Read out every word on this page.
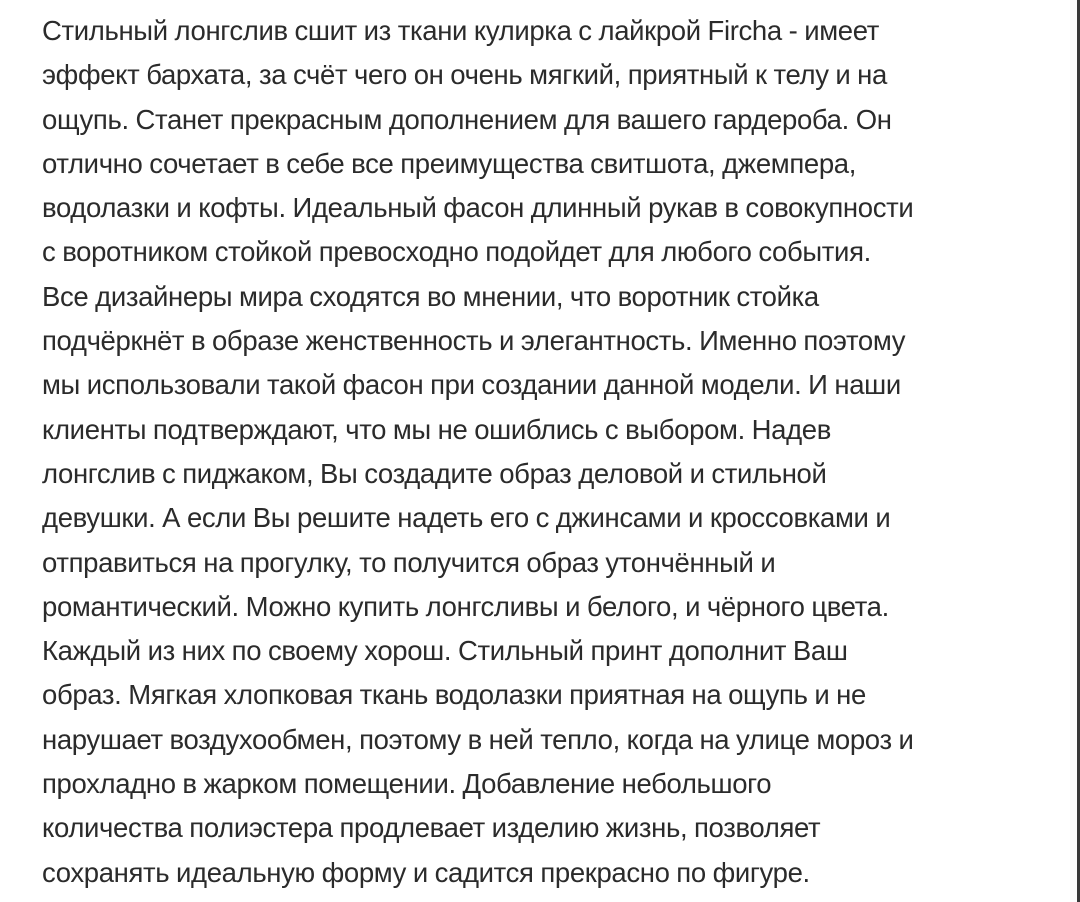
Стильный лонгслив сшит из ткани кулирка с лайкрой Fircha - имеет
эффект бархата, за счёт чего он очень мягкий, приятный к телу и на
ощупь. Станет прекрасным дополнением для вашего гардероба. Он
отлично сочетает в себе все преимущества свитшота, джемпера,
водолазки и кофты. Идеальный фасон длинный рукав в совокупности
с воротником стойкой превосходно подойдет для любого события.
Все дизайнеры мира сходятся во мнении, что воротник стойка
подчёркнёт в образе женственность и элегантность. Именно поэтому
мы использовали такой фасон при создании данной модели. И наши
клиенты подтверждают, что мы не ошиблись с выбором. Надев
лонгслив с пиджаком, Вы создадите образ деловой и стильной
девушки. А если Вы решите надеть его с джинсами и кроссовками и
отправиться на прогулку, то получится образ утончённый и
романтический. Можно купить лонгсливы и белого, и чёрного цвета.
Каждый из них по своему хорош. Стильный принт дополнит Ваш
образ. Мягкая хлопковая ткань водолазки приятная на ощупь и не
нарушает воздухообмен, поэтому в ней тепло, когда на улице мороз и
прохладно в жарком помещении. Добавление небольшого
количества полиэстера продлевает изделию жизнь, позволяет
сохранять идеальную форму и садится прекрасно по фигуре.
